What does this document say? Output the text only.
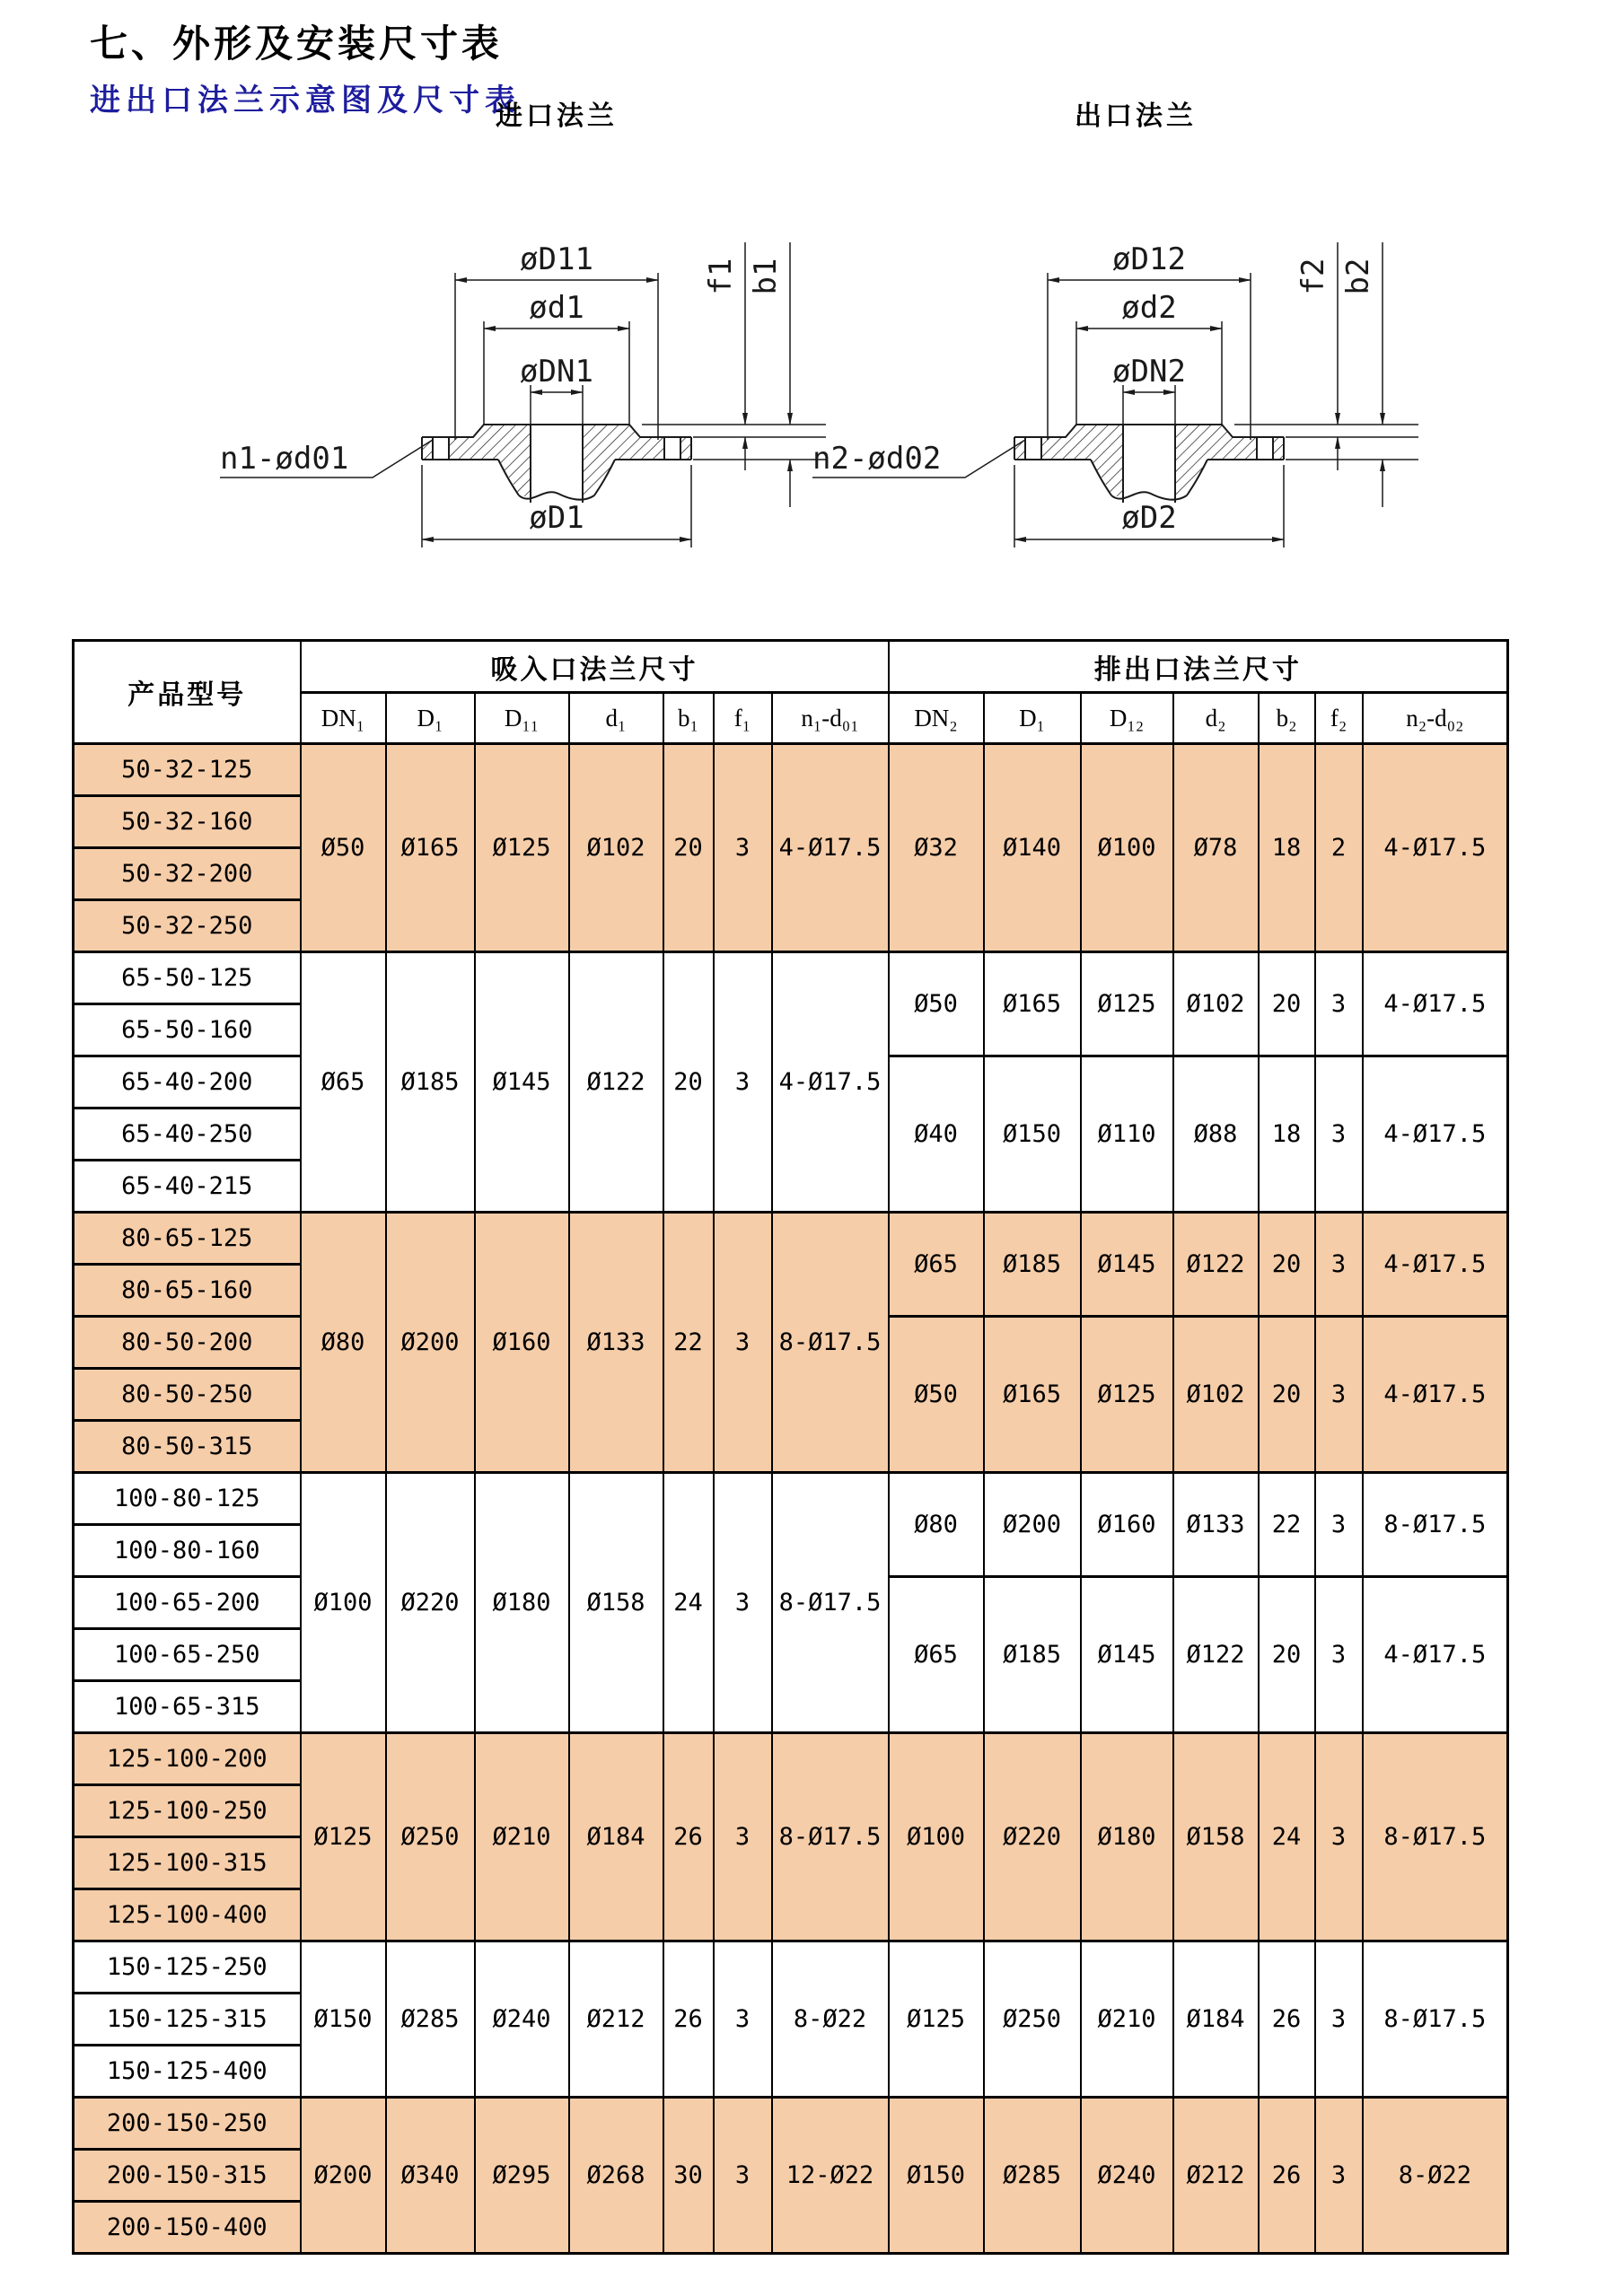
七、外形及安装尺寸表
进出口法兰示意图及尺寸表
进口法兰	出口法兰
øD11
ød1
øDN1
øD1
n1-ød01
f1 b1	øD12
ød2
øDN2
øD2
n2-ød02
f2 b2
产品型号	吸入口法兰尺寸							排出口法兰尺寸						
	DN₁	D₁	D₁₁	d₁	b₁	f₁	n₁-d₀₁	DN₂	D₁	D₁₂	d₂	b₂	f₂	n₂-d₀₂
50-32-125	Ø50	Ø165	Ø125	Ø102	20	3	4-Ø17.5	Ø32	Ø140	Ø100	Ø78	18	2	4-Ø17.5
50-32-160														
50-32-200														
50-32-250														
65-50-125	Ø65	Ø185	Ø145	Ø122	20	3	4-Ø17.5	Ø50	Ø165	Ø125	Ø102	20	3	4-Ø17.5
65-50-160														
65-40-200								Ø40	Ø150	Ø110	Ø88	18	3	4-Ø17.5
65-40-250														
65-40-215														
80-65-125	Ø80	Ø200	Ø160	Ø133	22	3	8-Ø17.5	Ø65	Ø185	Ø145	Ø122	20	3	4-Ø17.5
80-65-160														
80-50-200								Ø50	Ø165	Ø125	Ø102	20	3	4-Ø17.5
80-50-250														
80-50-315														
100-80-125	Ø100	Ø220	Ø180	Ø158	24	3	8-Ø17.5	Ø80	Ø200	Ø160	Ø133	22	3	8-Ø17.5
100-80-160														
100-65-200								Ø65	Ø185	Ø145	Ø122	20	3	4-Ø17.5
100-65-250														
100-65-315														
125-100-200	Ø125	Ø250	Ø210	Ø184	26	3	8-Ø17.5	Ø100	Ø220	Ø180	Ø158	24	3	8-Ø17.5
125-100-250														
125-100-315														
125-100-400														
150-125-250	Ø150	Ø285	Ø240	Ø212	26	3	8-Ø22	Ø125	Ø250	Ø210	Ø184	26	3	8-Ø17.5
150-125-315														
150-125-400														
200-150-250	Ø200	Ø340	Ø295	Ø268	30	3	12-Ø22	Ø150	Ø285	Ø240	Ø212	26	3	8-Ø22
200-150-315														
200-150-400														
